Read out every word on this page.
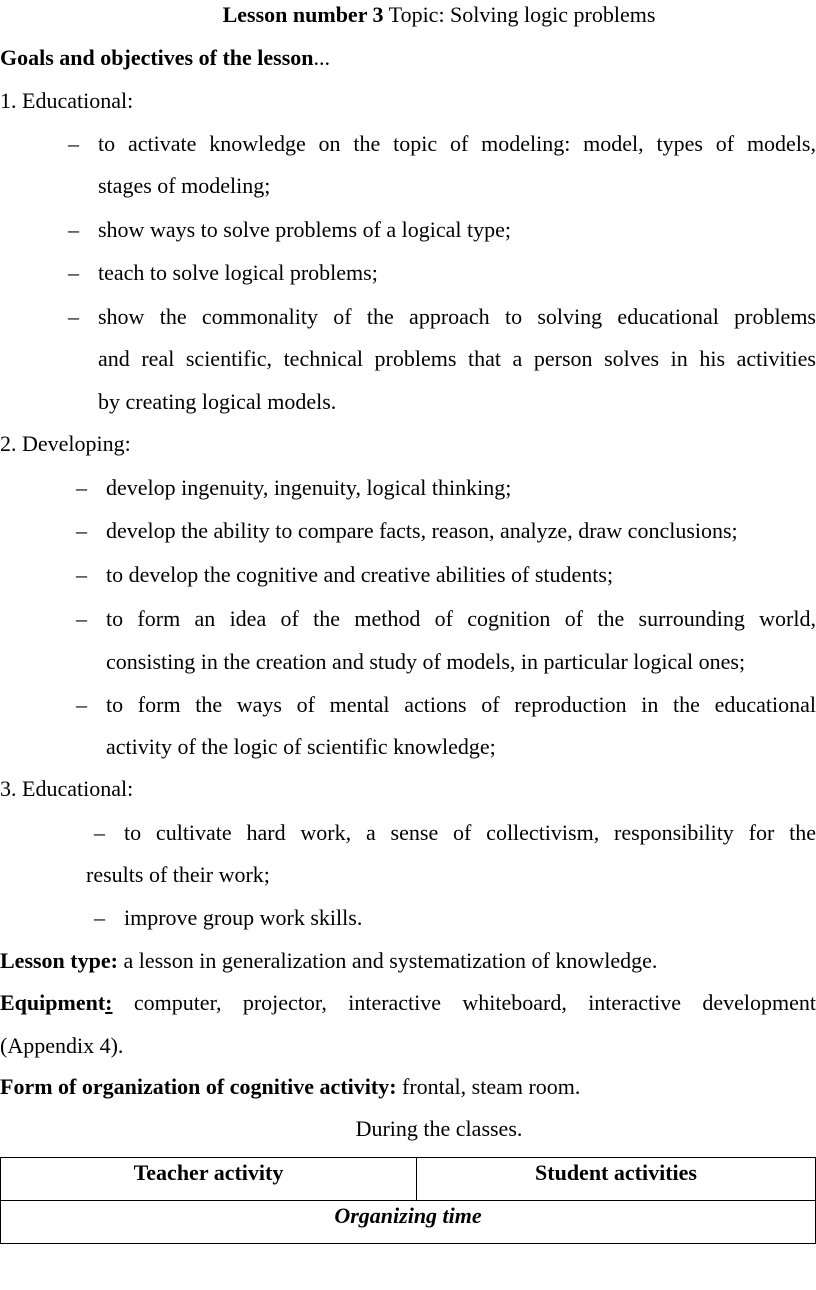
Lesson number 3 Topic: Solving logic problems
Goals and objectives of the lesson...
1. Educational:
– to activate knowledge on the topic of modeling: model, types of models,
stages of modeling;
– show ways to solve problems of a logical type;
– teach to solve logical problems;
– show the commonality of the approach to solving educational problems
and real scientific, technical problems that a person solves in his activities
by creating logical models.
2. Developing:
– develop ingenuity, ingenuity, logical thinking;
– develop the ability to compare facts, reason, analyze, draw conclusions;
– to develop the cognitive and creative abilities of students;
– to form an idea of the method of cognition of the surrounding world,
consisting in the creation and study of models, in particular logical ones;
– to form the ways of mental actions of reproduction in the educational
activity of the logic of scientific knowledge;
3. Educational:
– to cultivate hard work, a sense of collectivism, responsibility for the
results of their work;
– improve group work skills.
Lesson type: a lesson in generalization and systematization of knowledge.
Equipment: computer, projector, interactive whiteboard, interactive development
(Appendix 4).
Form of organization of cognitive activity: frontal, steam room.
During the classes.
Teacher activity	Student activities
Organizing time
